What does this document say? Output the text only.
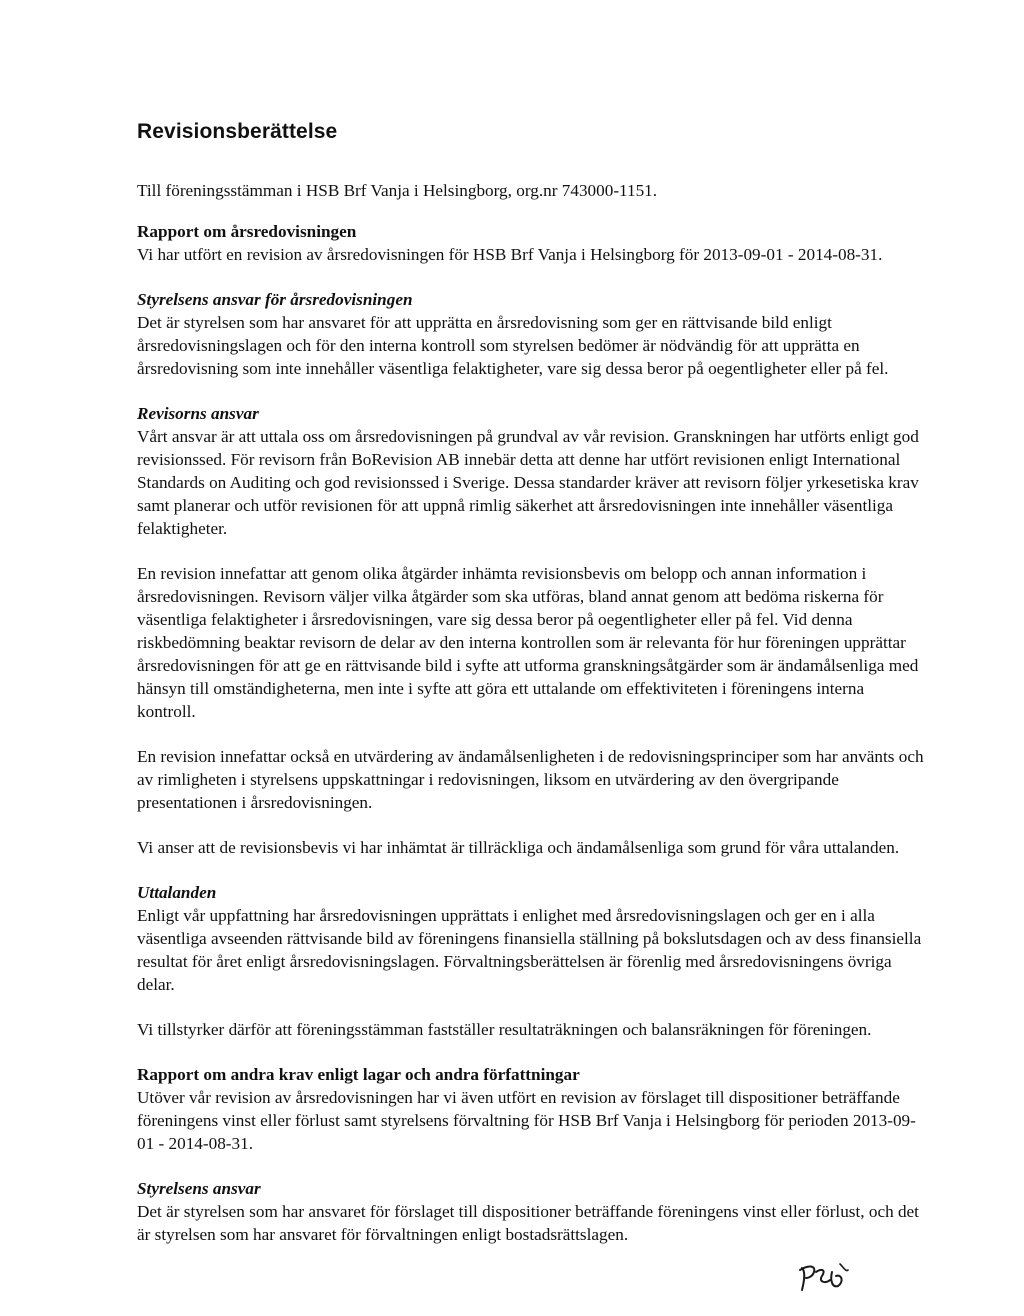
Revisionsberättelse

Till föreningsstämman i HSB Brf Vanja i Helsingborg, org.nr 743000-1151.

Rapport om årsredovisningen

Vi har utfört en revision av årsredovisningen för HSB Brf Vanja i Helsingborg för 2013-09-01 - 2014-08-31.

Styrelsens ansvar för årsredovisningen

Det är styrelsen som har ansvaret för att upprätta en årsredovisning som ger en rättvisande bild enligt årsredovisningslagen och för den interna kontroll som styrelsen bedömer är nödvändig för att upprätta en årsredovisning som inte innehåller väsentliga felaktigheter, vare sig dessa beror på oegentligheter eller på fel.

Revisorns ansvar

Vårt ansvar är att uttala oss om årsredovisningen på grundval av vår revision. Granskningen har utförts enligt god revisionssed. För revisorn från BoRevision AB innebär detta att denne har utfört revisionen enligt International Standards on Auditing och god revisionssed i Sverige. Dessa standarder kräver att revisorn följer yrkesetiska krav samt planerar och utför revisionen för att uppnå rimlig säkerhet att årsredovisningen inte innehåller väsentliga felaktigheter.

En revision innefattar att genom olika åtgärder inhämta revisionsbevis om belopp och annan information i årsredovisningen. Revisorn väljer vilka åtgärder som ska utföras, bland annat genom att bedöma riskerna för väsentliga felaktigheter i årsredovisningen, vare sig dessa beror på oegentligheter eller på fel. Vid denna riskbedömning beaktar revisorn de delar av den interna kontrollen som är relevanta för hur föreningen upprättar årsredovisningen för att ge en rättvisande bild i syfte att utforma granskningsåtgärder som är ändamålsenliga med hänsyn till omständigheterna, men inte i syfte att göra ett uttalande om effektiviteten i föreningens interna kontroll.

En revision innefattar också en utvärdering av ändamålsenligheten i de redovisningsprinciper som har använts och av rimligheten i styrelsens uppskattningar i redovisningen, liksom en utvärdering av den övergripande presentationen i årsredovisningen.

Vi anser att de revisionsbevis vi har inhämtat är tillräckliga och ändamålsenliga som grund för våra uttalanden.

Uttalanden

Enligt vår uppfattning har årsredovisningen upprättats i enlighet med årsredovisningslagen och ger en i alla väsentliga avseenden rättvisande bild av föreningens finansiella ställning på bokslutsdagen och av dess finansiella resultat för året enligt årsredovisningslagen. Förvaltningsberättelsen är förenlig med årsredovisningens övriga delar.

Vi tillstyrker därför att föreningsstämman fastställer resultaträkningen och balansräkningen för föreningen.

Rapport om andra krav enligt lagar och andra författningar

Utöver vår revision av årsredovisningen har vi även utfört en revision av förslaget till dispositioner beträffande föreningens vinst eller förlust samt styrelsens förvaltning för HSB Brf Vanja i Helsingborg för perioden 2013-09-01 - 2014-08-31.

Styrelsens ansvar

Det är styrelsen som har ansvaret för förslaget till dispositioner beträffande föreningens vinst eller förlust, och det är styrelsen som har ansvaret för förvaltningen enligt bostadsrättslagen.
